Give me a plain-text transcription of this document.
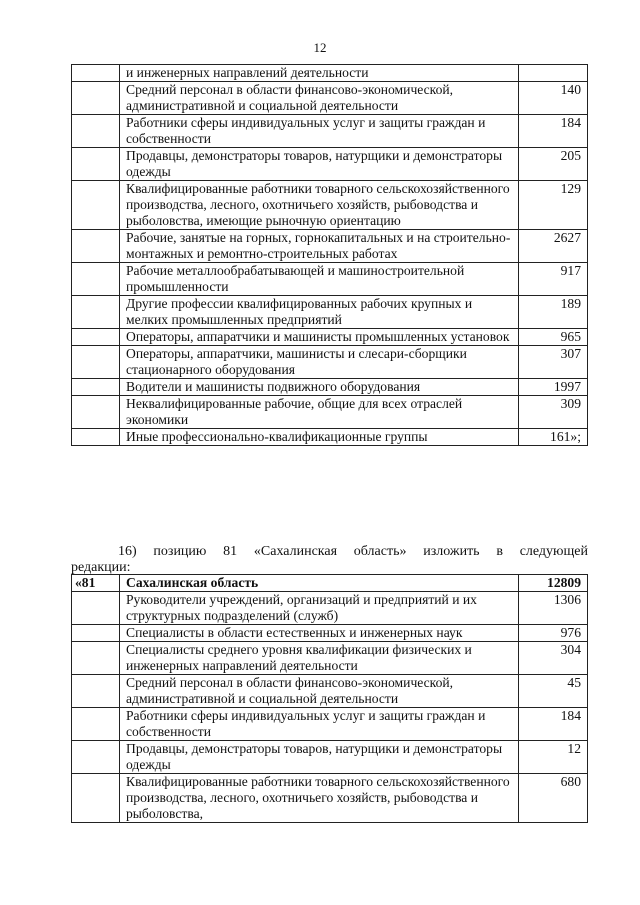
12
	и инженерных направлений деятельности	
	Средний персонал в области финансово-экономической, административной и социальной деятельности	140
	Работники сферы индивидуальных услуг и защиты граждан и собственности	184
	Продавцы, демонстраторы товаров, натурщики и демонстраторы одежды	205
	Квалифицированные работники товарного сельскохозяйственного производства, лесного, охотничьего хозяйств, рыбоводства и рыболовства, имеющие рыночную ориентацию	129
	Рабочие, занятые на горных, горнокапитальных и на строительно-монтажных и ремонтно-строительных работах	2627
	Рабочие металлообрабатывающей и машиностроительной промышленности	917
	Другие профессии квалифицированных рабочих крупных и мелких промышленных предприятий	189
	Операторы, аппаратчики и машинисты промышленных установок	965
	Операторы, аппаратчики, машинисты и слесари-сборщики стационарного оборудования	307
	Водители и машинисты подвижного оборудования	1997
	Неквалифицированные рабочие, общие для всех отраслей экономики	309
	Иные профессионально-квалификационные группы	161»;
16) позицию 81 «Сахалинская область» изложить в следующей редакции:
«81	Сахалинская область	12809
	Руководители учреждений, организаций и предприятий и их структурных подразделений (служб)	1306
	Специалисты в области естественных и инженерных наук	976
	Специалисты среднего уровня квалификации физических и инженерных направлений деятельности	304
	Средний персонал в области финансово-экономической, административной и социальной деятельности	45
	Работники сферы индивидуальных услуг и защиты граждан и собственности	184
	Продавцы, демонстраторы товаров, натурщики и демонстраторы одежды	12
	Квалифицированные работники товарного сельскохозяйственного производства, лесного, охотничьего хозяйств, рыбоводства и рыболовства,	680
